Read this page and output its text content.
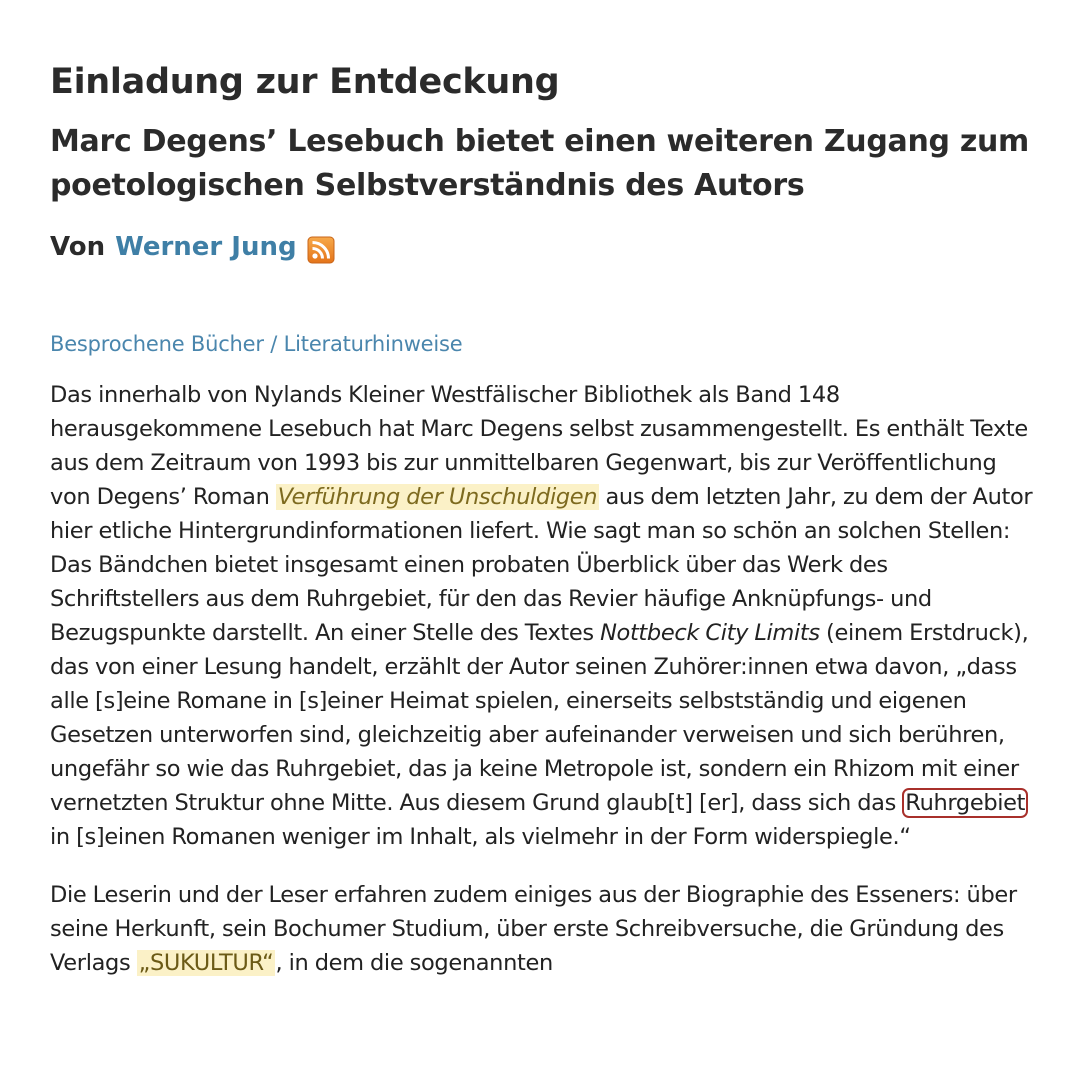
Einladung zur Entdeckung
Marc Degens’ Lesebuch bietet einen weiteren Zugang zum poetologischen Selbstverständnis des Autors
Von Werner Jung
Besprochene Bücher / Literaturhinweise

Das innerhalb von Nylands Kleiner Westfälischer Bibliothek als Band 148 herausgekommene Lesebuch hat Marc Degens selbst zusammengestellt. Es enthält Texte aus dem Zeitraum von 1993 bis zur unmittelbaren Gegenwart, bis zur Veröffentlichung von Degens’ Roman Verführung der Unschuldigen aus dem letzten Jahr, zu dem der Autor hier etliche Hintergrundinformationen liefert. Wie sagt man so schön an solchen Stellen: Das Bändchen bietet insgesamt einen probaten Überblick über das Werk des Schriftstellers aus dem Ruhrgebiet, für den das Revier häufige Anknüpfungs- und Bezugspunkte darstellt. An einer Stelle des Textes Nottbeck City Limits (einem Erstdruck), das von einer Lesung handelt, erzählt der Autor seinen Zuhörer:innen etwa davon, „dass alle [s]eine Romane in [s]einer Heimat spielen, einerseits selbstständig und eigenen Gesetzen unterworfen sind, gleichzeitig aber aufeinander verweisen und sich berühren, ungefähr so wie das Ruhrgebiet, das ja keine Metropole ist, sondern ein Rhizom mit einer vernetzten Struktur ohne Mitte. Aus diesem Grund glaub[t] [er], dass sich das Ruhrgebiet in [s]einen Romanen weniger im Inhalt, als vielmehr in der Form widerspiegle.“

Die Leserin und der Leser erfahren zudem einiges aus der Biographie des Esseners: über seine Herkunft, sein Bochumer Studium, über erste Schreibversuche, die Gründung des Verlags „SUKULTUR“, in dem die sogenannten
